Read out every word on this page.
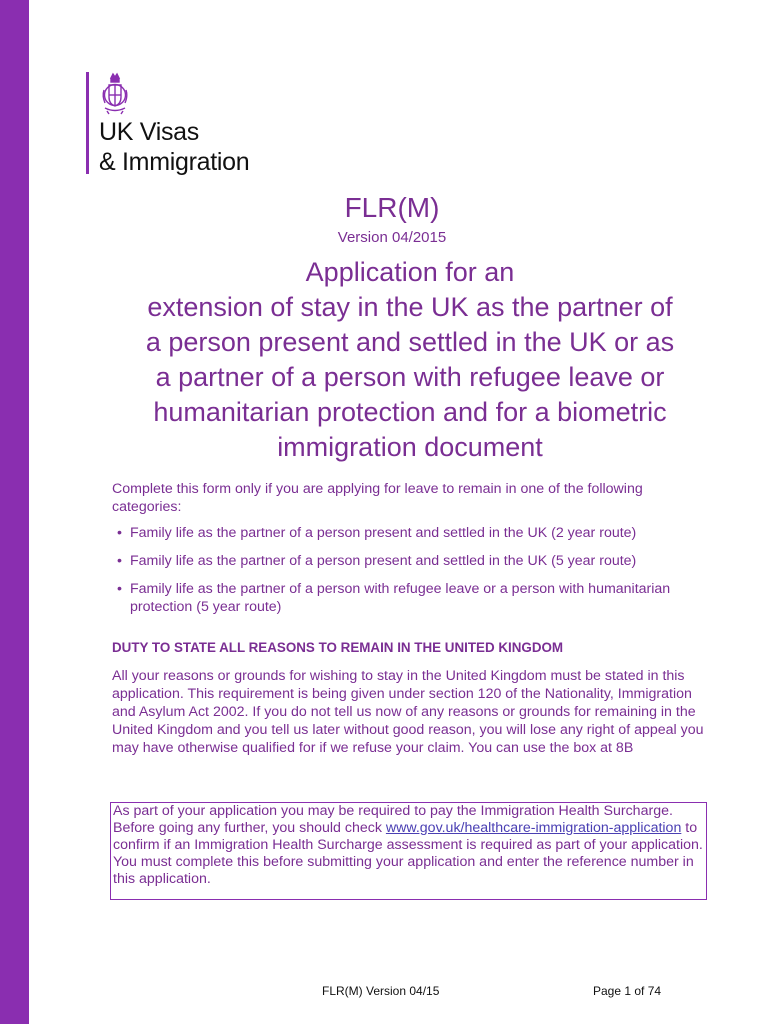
UK Visas
& Immigration
FLR(M)
Version 04/2015
Application for an
extension of stay in the UK as the partner of
a person present and settled in the UK or as
a partner of a person with refugee leave or
humanitarian protection and for a biometric
immigration document
Complete this form only if you are applying for leave to remain in one of the following categories:
• Family life as the partner of a person present and settled in the UK (2 year route)
• Family life as the partner of a person present and settled in the UK (5 year route)
• Family life as the partner of a person with refugee leave or a person with humanitarian protection (5 year route)
DUTY TO STATE ALL REASONS TO REMAIN IN THE UNITED KINGDOM
All your reasons or grounds for wishing to stay in the United Kingdom must be stated in this application. This requirement is being given under section 120 of the Nationality, Immigration and Asylum Act 2002. If you do not tell us now of any reasons or grounds for remaining in the United Kingdom and you tell us later without good reason, you will lose any right of appeal you may have otherwise qualified for if we refuse your claim. You can use the box at 8B
As part of your application you may be required to pay the Immigration Health Surcharge. Before going any further, you should check www.gov.uk/healthcare-immigration-application to confirm if an Immigration Health Surcharge assessment is required as part of your application. You must complete this before submitting your application and enter the reference number in this application.
FLR(M) Version 04/15	Page 1 of 74
